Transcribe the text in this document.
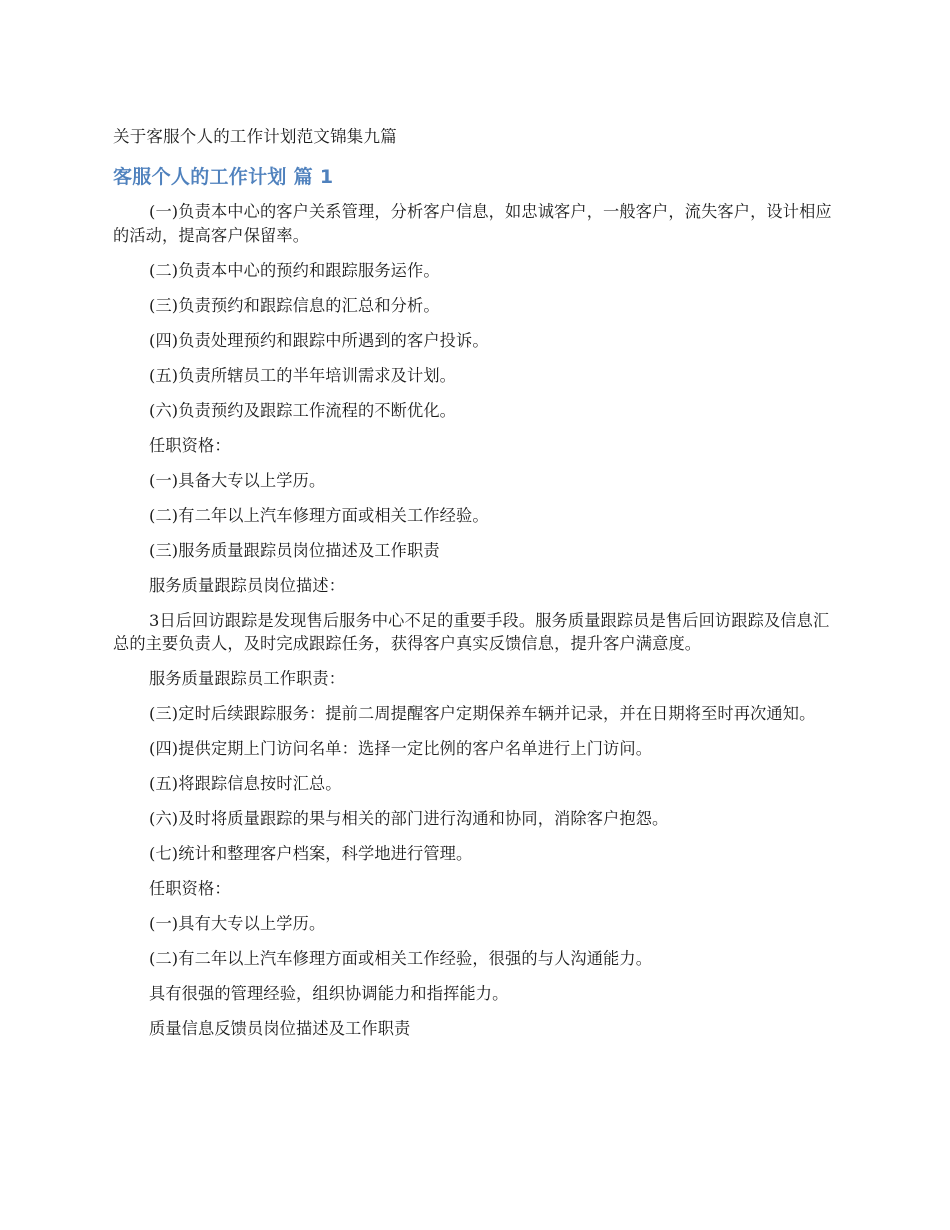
关于客服个人的工作计划范文锦集九篇
客服个人的工作计划 篇 1

(一)负责本中心的客户关系管理，分析客户信息，如忠诚客户，一般客户，流失客户，设计相应的活动，提高客户保留率。

(二)负责本中心的预约和跟踪服务运作。

(三)负责预约和跟踪信息的汇总和分析。

(四)负责处理预约和跟踪中所遇到的客户投诉。

(五)负责所辖员工的半年培训需求及计划。

(六)负责预约及跟踪工作流程的不断优化。

任职资格：

(一)具备大专以上学历。

(二)有二年以上汽车修理方面或相关工作经验。

(三)服务质量跟踪员岗位描述及工作职责

服务质量跟踪员岗位描述：

3日后回访跟踪是发现售后服务中心不足的重要手段。服务质量跟踪员是售后回访跟踪及信息汇总的主要负责人，及时完成跟踪任务，获得客户真实反馈信息，提升客户满意度。

服务质量跟踪员工作职责：

(三)定时后续跟踪服务：提前二周提醒客户定期保养车辆并记录，并在日期将至时再次通知。

(四)提供定期上门访问名单：选择一定比例的客户名单进行上门访问。

(五)将跟踪信息按时汇总。

(六)及时将质量跟踪的果与相关的部门进行沟通和协同，消除客户抱怨。

(七)统计和整理客户档案，科学地进行管理。

任职资格：

(一)具有大专以上学历。

(二)有二年以上汽车修理方面或相关工作经验，很强的与人沟通能力。

具有很强的管理经验，组织协调能力和指挥能力。

质量信息反馈员岗位描述及工作职责
